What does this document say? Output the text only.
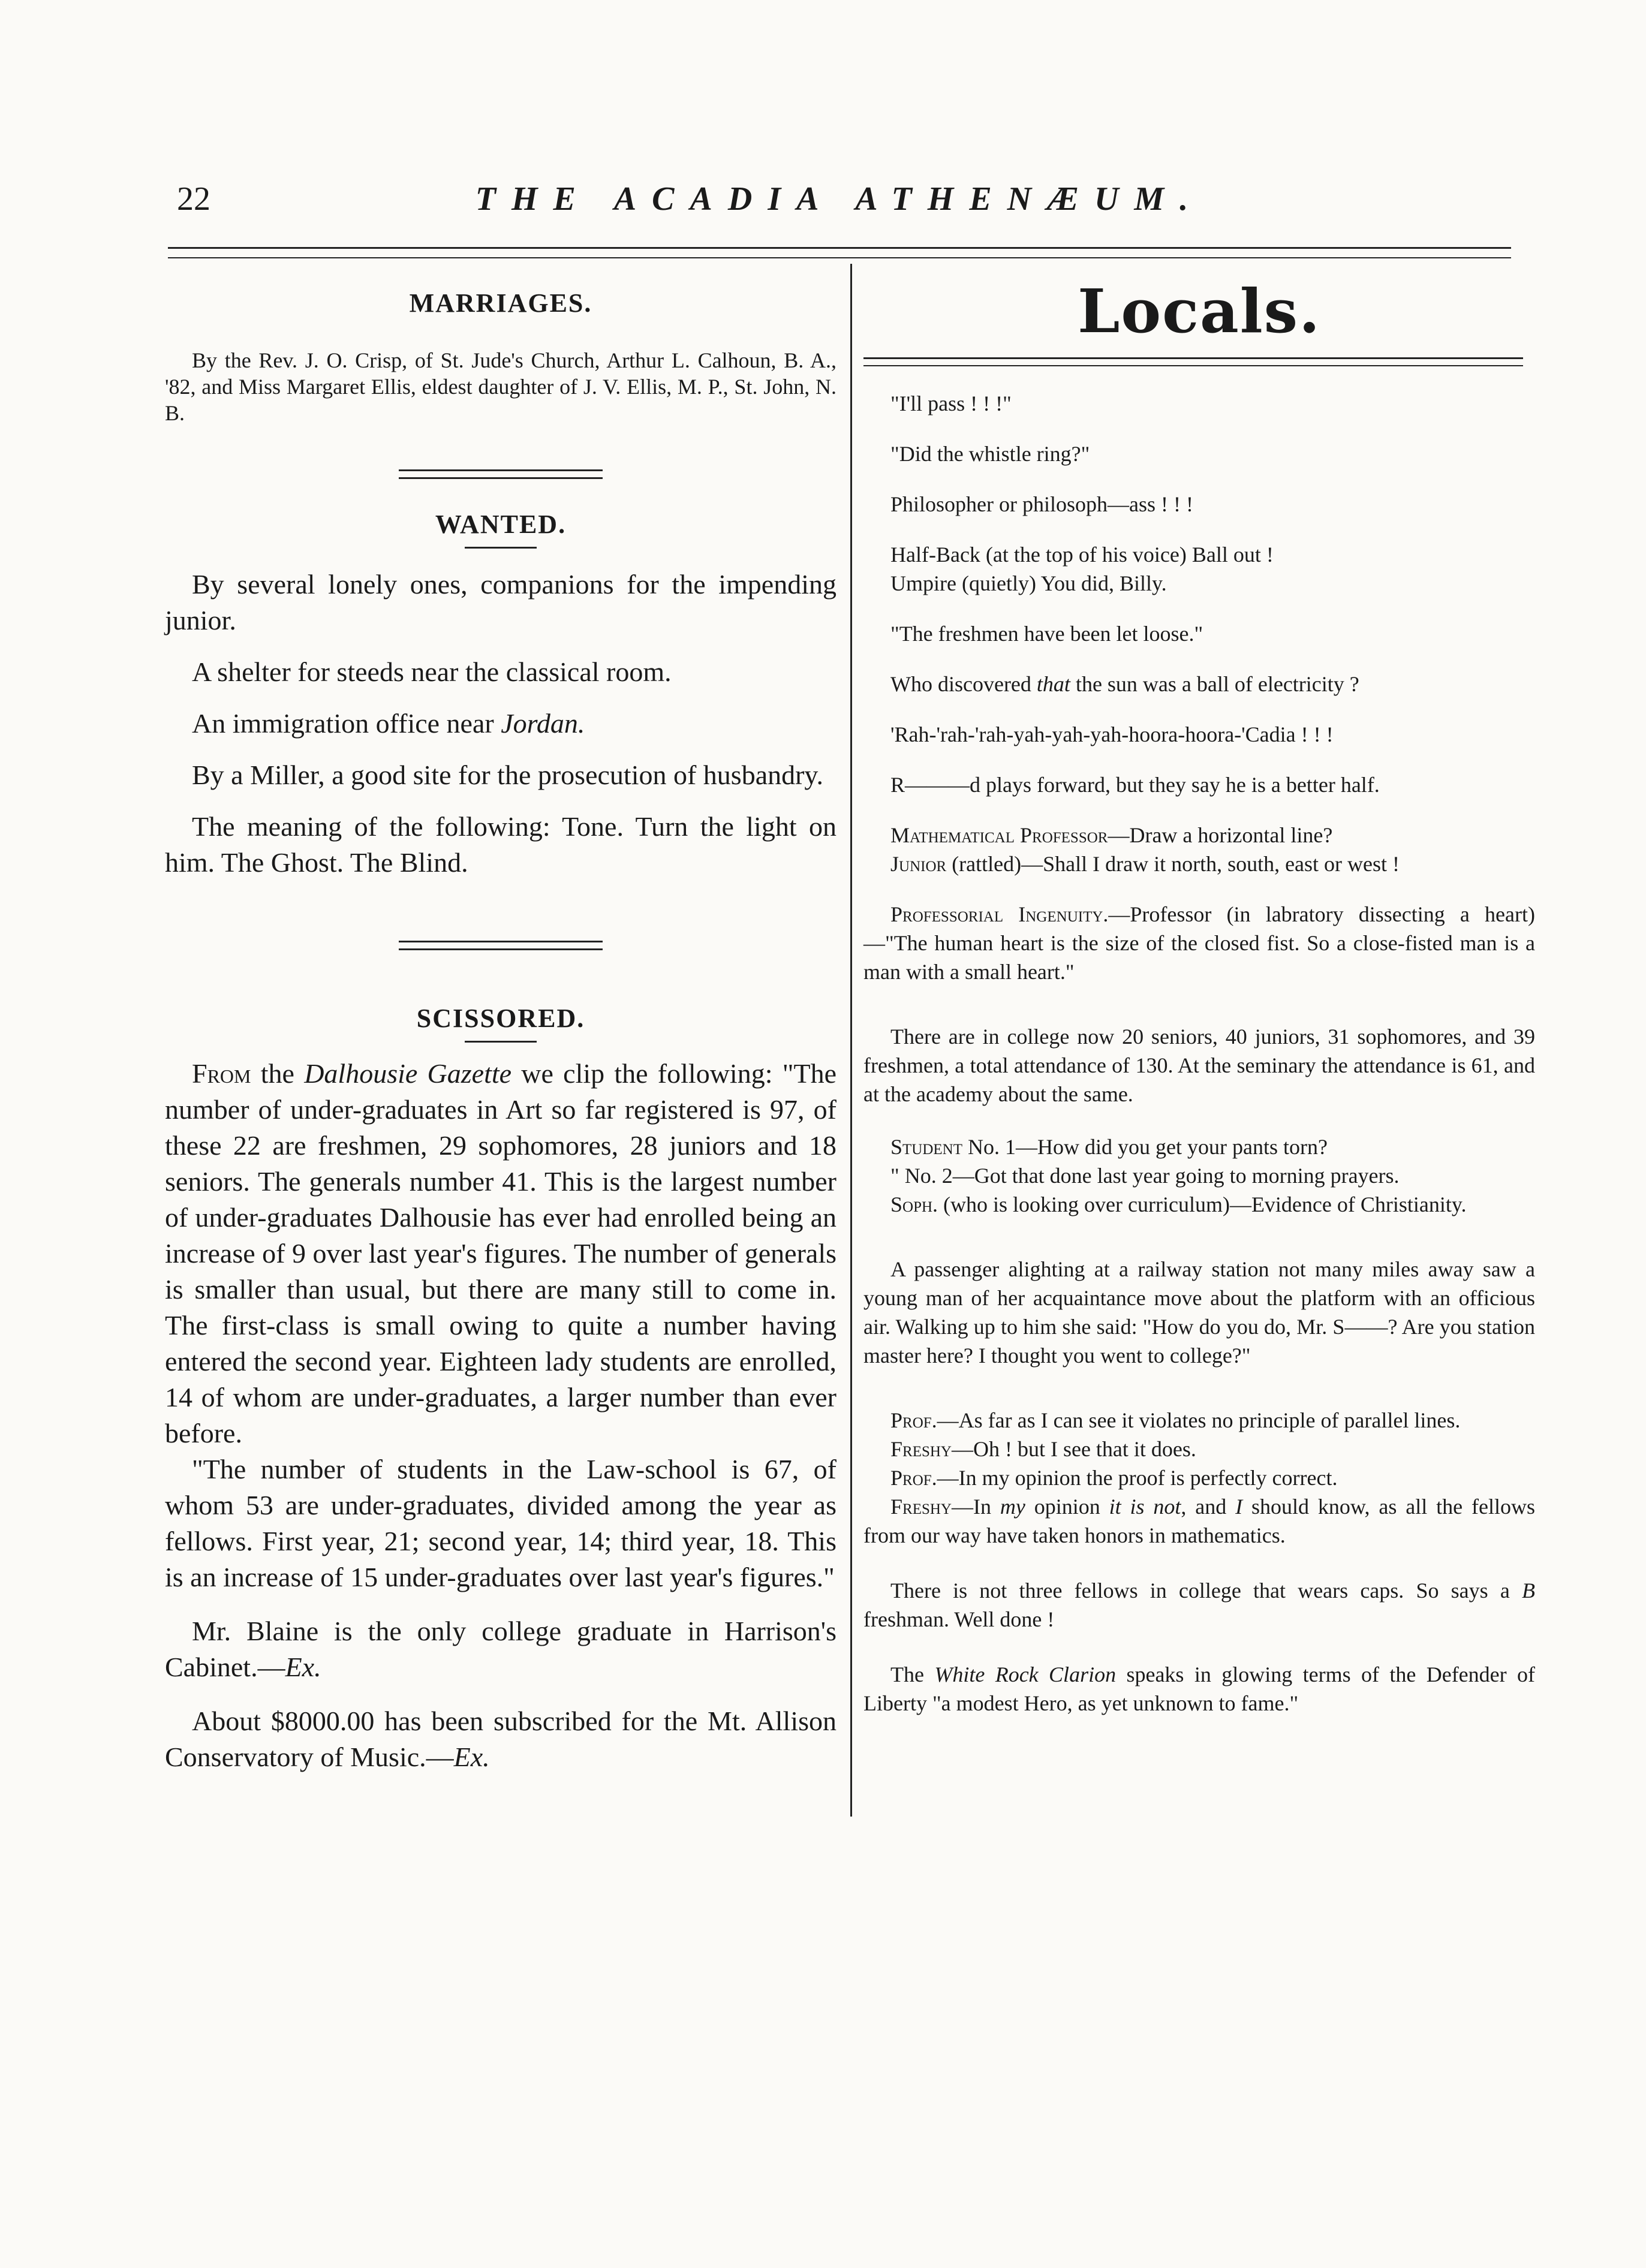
22	THE ACADIA ATHENÆUM.
MARRIAGES.

By the Rev. J. O. Crisp, of St. Jude's Church, Arthur L. Calhoun, B. A., '82, and Miss Margaret Ellis, eldest daughter of J. V. Ellis, M. P., St. John, N. B.

WANTED.

By several lonely ones, companions for the impending junior.

A shelter for steeds near the classical room.

An immigration office near Jordan.

By a Miller, a good site for the prosecution of husbandry.

The meaning of the following: Tone. Turn the light on him. The Ghost. The Blind.

SCISSORED.

From the Dalhousie Gazette we clip the following: "The number of under-graduates in Art so far registered is 97, of these 22 are freshmen, 29 sophomores, 28 juniors and 18 seniors. The generals number 41. This is the largest number of under-graduates Dalhousie has ever had enrolled being an increase of 9 over last year's figures. The number of generals is smaller than usual, but there are many still to come in. The first-class is small owing to quite a number having entered the second year. Eighteen lady students are enrolled, 14 of whom are under-graduates, a larger number than ever before.

"The number of students in the Law-school is 67, of whom 53 are under-graduates, divided among the year as fellows. First year, 21; second year, 14; third year, 18. This is an increase of 15 under-graduates over last year's figures."

Mr. Blaine is the only college graduate in Harrison's Cabinet.—Ex.

About $8000.00 has been subscribed for the Mt. Allison Conservatory of Music.—Ex.

Locals.

"I'll pass ! ! !"

"Did the whistle ring?"

Philosopher or philosoph—ass ! ! !

Half-Back (at the top of his voice) Ball out !

Umpire (quietly) You did, Billy.

"The freshmen have been let loose."

Who discovered that the sun was a ball of electricity ?

'Rah-'rah-'rah-yah-yah-yah-hoora-hoora-'Cadia ! ! !

R———d plays forward, but they say he is a better half.

Mathematical Professor—Draw a horizontal line?

Junior (rattled)—Shall I draw it north, south, east or west !

Professorial Ingenuity.—Professor (in labratory dissecting a heart)—"The human heart is the size of the closed fist. So a close-fisted man is a man with a small heart."

There are in college now 20 seniors, 40 juniors, 31 sophomores, and 39 freshmen, a total attendance of 130. At the seminary the attendance is 61, and at the academy about the same.

Student No. 1—How did you get your pants torn?

" No. 2—Got that done last year going to morning prayers.

Soph. (who is looking over curriculum)—Evidence of Christianity.

A passenger alighting at a railway station not many miles away saw a young man of her acquaintance move about the platform with an officious air. Walking up to him she said: "How do you do, Mr. S——? Are you station master here? I thought you went to college?"

Prof.—As far as I can see it violates no principle of parallel lines.

Freshy—Oh ! but I see that it does.

Prof.—In my opinion the proof is perfectly correct.

Freshy—In my opinion it is not, and I should know, as all the fellows from our way have taken honors in mathematics.

There is not three fellows in college that wears caps. So says a B freshman. Well done !

The White Rock Clarion speaks in glowing terms of the Defender of Liberty "a modest Hero, as yet unknown to fame."
